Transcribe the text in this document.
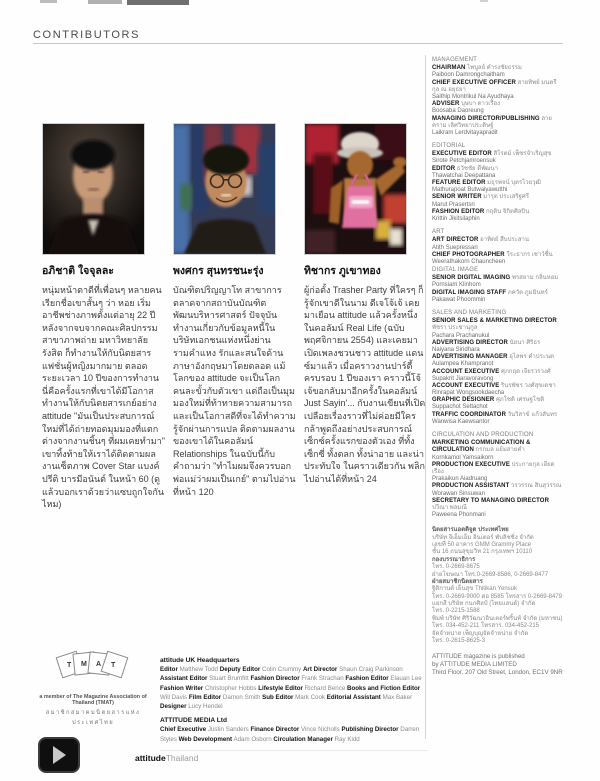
CONTRIBUTORS
อภิชาติ ใจจุลละ
หนุ่มหน้าตาดีที่เพื่อนๆ หลายคนเรียกชื่อเขาสั้นๆ ว่า หอย เริ่มอาชีพช่างภาพตั้งแต่อายุ 22 ปี หลังจากจบจากคณะศิลปกรรม สาขาภาพถ่าย มหาวิทยาลัยรังสิต ก็ทำงานให้กับนิตยสารแฟชั่นผู้หญิงมากมาย ตลอดระยะเวลา 10 ปีของการทำงาน นี่คือครั้งแรกที่เขาได้มีโอกาสทำงานให้กับนิตยสารเกย์อย่าง attitude "มันเป็นประสบการณ์ใหม่ที่ได้ถ่ายทอดมุมมองที่แตกต่างจากงานชิ้นๆ ที่ผมเคยทำมา" เขาทิ้งท้ายให้เราได้ติดตามผลงานเซ็ตภาพ Cover Star แบงค์ ปรีติ บารมีอนันต์ ในหน้า 60 (ดูแล้วบอกเราด้วยว่าแซบถูกใจกันไหม)
พงศกร สุนทรชนะรุ่ง
บัณฑิตปริญญาโท สาขาการตลาดจากสถาบันบัณฑิตพัฒนบริหารศาสตร์ ปัจจุบันทำงานเกี่ยวกับข้อมูลหนี้ในบริษัทเอกชนแห่งหนึ่งย่านรามคำแหง รักและสนใจด้านภาษาอังกฤษมาโดยตลอด แม้โลกของ attitude จะเป็นโลกคนละขั้วกับตัวเขา แต่ถือเป็นมุมมองใหม่ที่ท้าทายความสามารถ และเป็นโอกาสดีที่จะได้ทำความรู้จักผ่านการแปล ติดตามผลงานของเขาได้ในคอลัมน์ Relationships ในฉบับนี้กับคำถามว่า "ทำไมผมจึงควรบอกพ่อแม่ว่าผมเป็นเกย์" ตามไปอ่านที่หน้า 120
ทิชากร ภูเขาทอง
ผู้ก่อตั้ง Trasher Party ที่ใครๆ ก็รู้จักเขาดีในนาม ดีเจโจ้เจ้ เคยมาเยือน attitude แล้วครั้งหนึ่งในคอลัมน์ Real Life (ฉบับพฤศจิกายน 2554) และเคยมาเปิดเพลงชวนชาว attitude แดนซ์มาแล้ว เมื่อคราวงานปาร์ตี้ครบรอบ 1 ปีของเรา คราวนี้โจ้เจ้ขอกลับมาอีกครั้งในคอลัมน์ Just Sayin'... กับงานเขียนที่เปิดเปลือยเรื่องราวที่ไม่ค่อยมีใครกล้าพูดถึงอย่างประสบการณ์เซ็กซ์ครั้งแรกของตัวเอง ที่ทั้งเซ็กซี่ ทั้งตลก ทั้งน่าอาย และน่าประทับใจ ในคราวเดียวกัน พลิกไปอ่านได้ที่หน้า 24
MANAGEMENT
CHAIRMAN ไพบูลย์ ดำรงชัยธรรม
Paiboon Damrongchaitham
CHIEF EXECUTIVE OFFICER สายทิพย์ มนตรีกุล ณ อยุธยา
Saithip Montrikul Na Ayudhaya
ADVISER บุษบา ดาวเรือง
Boosaba Daoreung
MANAGING DIRECTOR/PUBLISHING ลายคราม เลิศวิทยาประดิษฐ์
Laikram Lerdvitayapradit
EDITORIAL
EXECUTIVE EDITOR สิโรตม์ เพ็ชรจำเริญสุข
Sirote Petchjamroensuk
EDITOR ธวัชชัย ดีพัฒนา
Thawatchai Deepattana
FEATURE EDITOR มธุรพจน์ บุตรไวยวุฒิ
Mathurapoat Butwaiyawutthi
SENIOR WRITER มารุต ประเสริฐศรี
Marut Prasertsri
FASHION EDITOR กฤติน จิกิตศิลปิน
Krittin Jikitsilaphin
ART
ART DIRECTOR อาทิตย์ สืบประสาน
Atith Suepressan
CHIEF PHOTOGRAPHER วีระธากร เชาว์ชื่น
Weerathakorn Chauncheen
DIGITAL IMAGE
SENIOR DIGITAL IMAGING พรสยาม กลิ่นหอม
Pornsiam Klinhom
DIGITAL IMAGING STAFF ภควัต ภูมมินทร์
Pakawat Phoommin
SALES AND MARKETING
SENIOR SALES & MARKETING DIRECTOR พัชรา ประชานุกูล
Pachara Prachanukul
ADVERTISING DIRECTOR นัยนา ศิริธร
Naiyana Siridhara
ADVERTISING MANAGER อุไลพร คำประนต
Aulampea Khampranot
ACCOUNT EXECUTIVE ศุภกฤต เจียรวรวงศ์
Supakrit Jiaravoravong
ACCOUNT EXECUTIVE รินรพัชร วงศ์สุขเดชา
Rinrapat Wongsookdaecha
GRAPHIC DESIGNER ศุภโชติ เศรษฐโชติ
Suppachot Settachot
TRAFFIC COORDINATOR วันวิสาข์ แก้วสันทร
Wanwisa Kaewsantor
CIRCULATION AND PRODUCTION
MARKETING COMMUNICATION & CIRCULATION กรกมล แย้มสายคำ
Kornkamol Yamsaikorn
PRODUCTION EXECUTIVE ประกายกุล เอียดเรือง
Prakaikun Aiadruang
PRODUCTION ASSISTANT วรวรรณ สินสุวรรณ
Worawan Sinsuwan
SECRETARY TO MANAGING DIRECTOR ปวีณา พลมณี
Paweena Phonmani
นิตยสารแอตติจูด ประเทศไทย
บริษัท จีเอ็มเอ็ม อินเตอร์ พับลิชชิ่ง จำกัด
เลขที่ 50 อาคาร GMM Grammy Place
ชั้น 16 ถนนสุขุมวิท 21 กรุงเทพฯ 10110
กองบรรณาธิการ
โทร. 0-2669-8675
ฝ่ายโฆษณา โทร.0-2669-8586, 0-2669-8477
ฝ่ายสมาชิกนิตยสาร
ฐิติกานต์ เย็นสุข Thitikan Yensuk
โทร. 0-2669-9000 ต่อ 8585 โทรสาร 0-2669-8479
แยกสี บริษัท กนกศิลป์ (ไทยแลนด์) จำกัด
โทร. 0-2215-1588
พิมพ์ บริษัท ศิริวัฒนาอินเตอร์พริ้นท์ จำกัด (มหาชน)
โทร. 034-452-211 โทรสาร. 034-452-215
จัดจำหน่าย เพ็ญบุญจัดจำหน่าย จำกัด
โทร. 0-2615-8625-3
ATTITUDE magazine is published
by ATTITUDE MEDIA LIMITED
Third Floor, 207 Old Street, London, EC1V 9NR
T M A T
a member of The Magazine Association of Thailand (TMAT)
สมาชิกสมาคมนิตยสารแห่งประเทศไทย
attitude UK Headquarters

Editor Matthew Todd Deputy Editor Colin Crummy Art Director Shaun Craig Parkinson Assistant Editor Stuart Brumfitt Fashion Director Frank Strachan Fashion Editor Elauan Lee Fashion Writer Christopher Hobbs Lifestyle Editor Richard Bence Books and Fiction Editor Will Davis Film Editor Damon Smith Sub Editor Mark Cook Editorial Assistant Max Baker Designer Lucy Hendel

ATTITUDE MEDIA Ltd

Chief Executive Justin Sanders Finance Director Vince Nicholls Publishing Director Darren Styles Web Development Adam Osborn Circulation Manager Ray Kidd

attitudeThailand
